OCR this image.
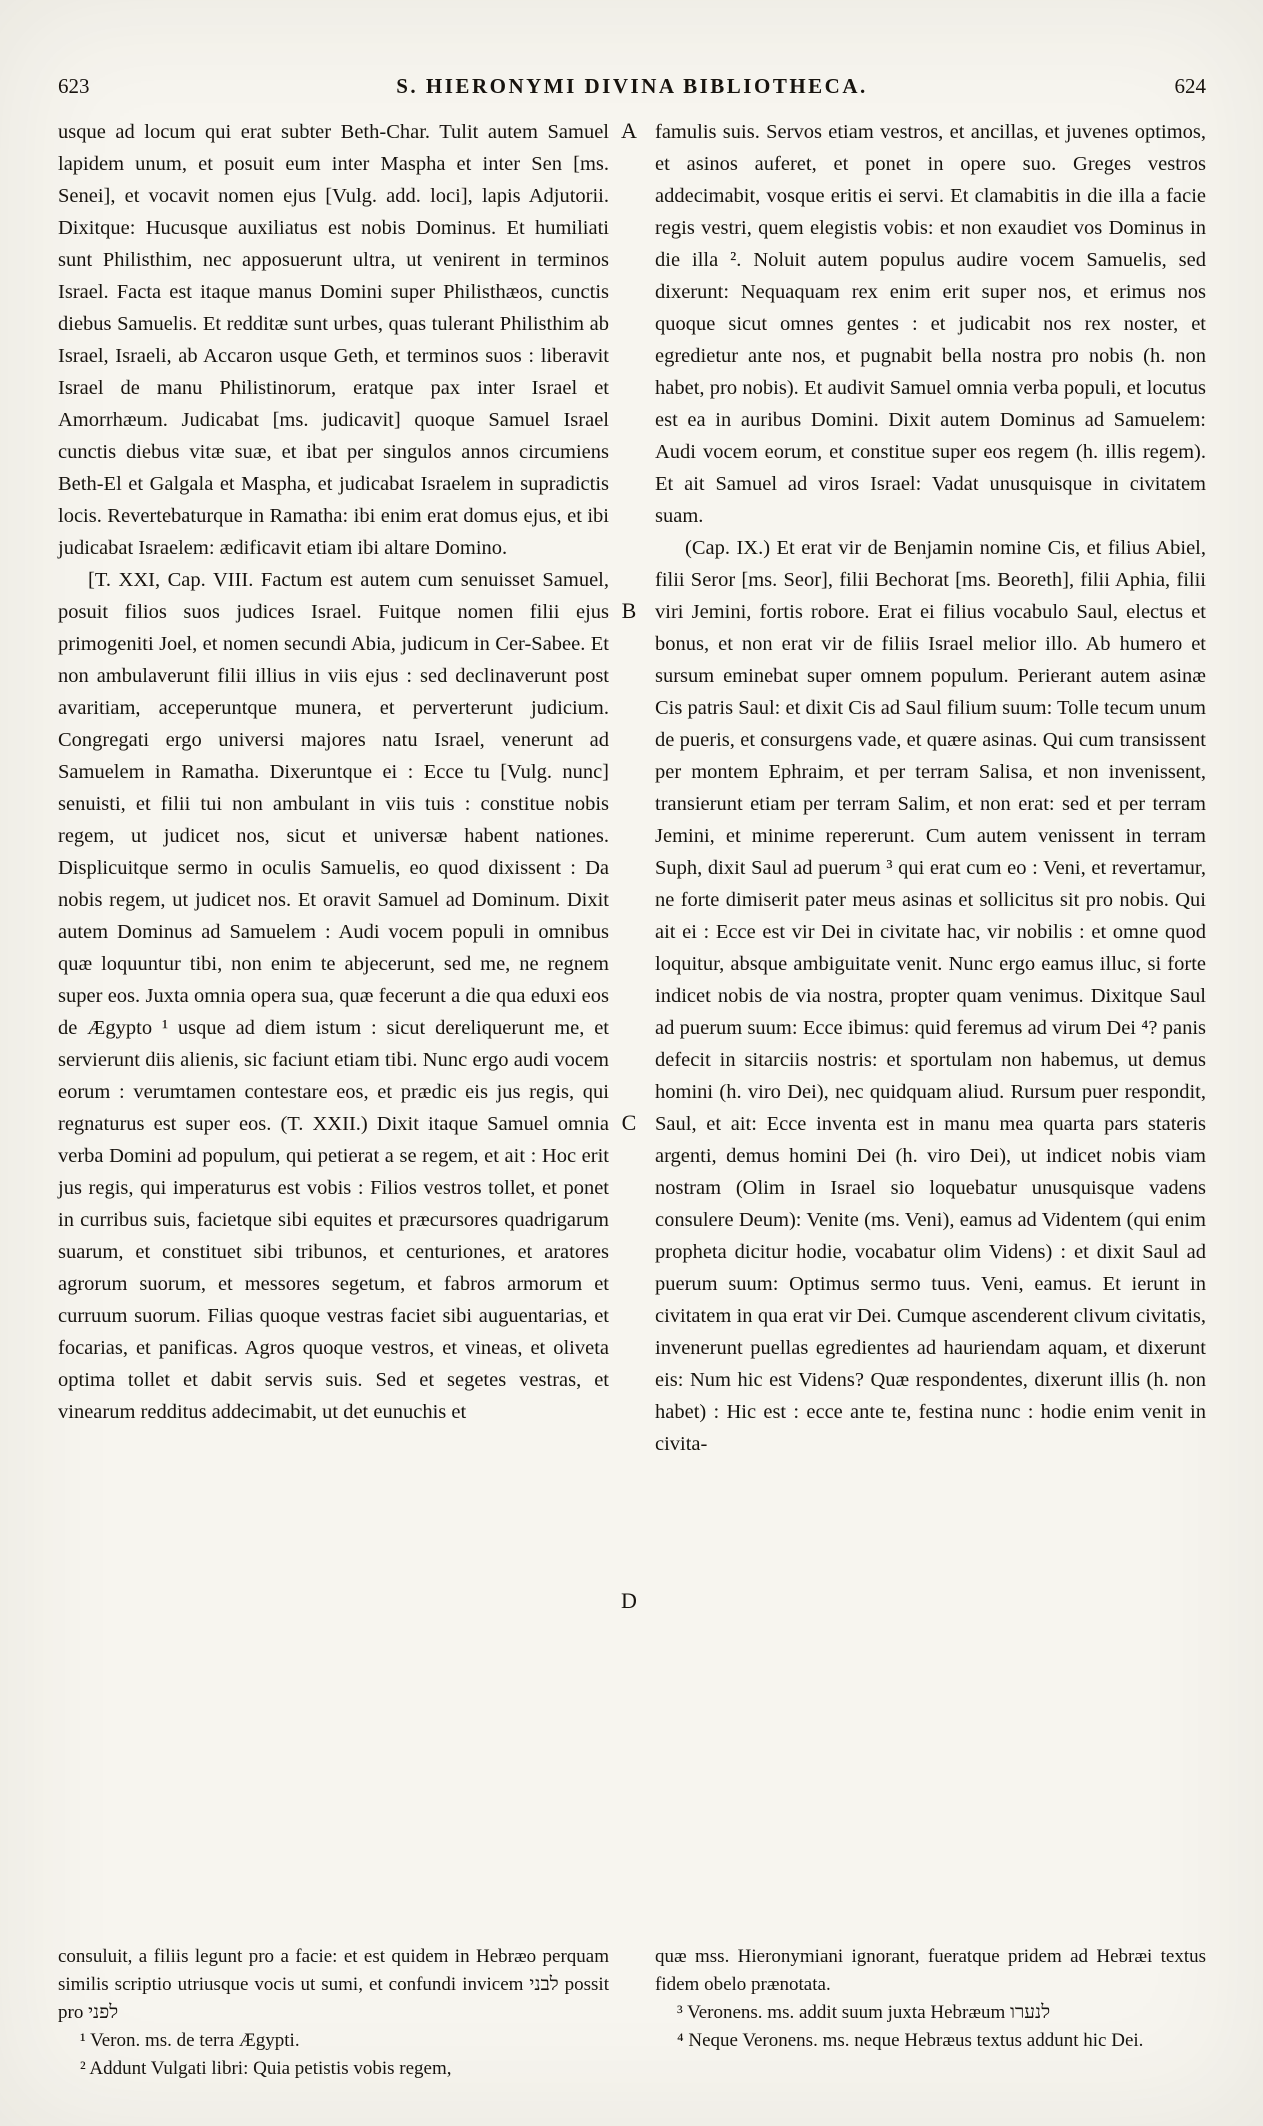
623	S. HIERONYMI DIVINA BIBLIOTHECA.	624

usque ad locum qui erat subter Beth-Char. Tulit autem Samuel lapidem unum, et posuit eum inter Maspha et inter Sen [ms. Senei], et vocavit nomen ejus [Vulg. add. loci], lapis Adjutorii. Dixitque: Hucusque auxiliatus est nobis Dominus. Et humiliati sunt Philisthim, nec apposuerunt ultra, ut venirent in terminos Israel. Facta est itaque manus Domini super Philisthæos, cunctis diebus Samuelis. Et redditæ sunt urbes, quas tulerant Philisthim ab Israel, Israeli, ab Accaron usque Geth, et terminos suos : liberavit Israel de manu Philistinorum, eratque pax inter Israel et Amorrhæum. Judicabat [ms. judicavit] quoque Samuel Israel cunctis diebus vitæ suæ, et ibat per singulos annos circumiens Beth-El et Galgala et Maspha, et judicabat Israelem in supradictis locis. Revertebaturque in Ramatha: ibi enim erat domus ejus, et ibi judicabat Israelem: ædificavit etiam ibi altare Domino.

[T. XXI, Cap. VIII. Factum est autem cum senuisset Samuel, posuit filios suos judices Israel. Fuitque nomen filii ejus primogeniti Joel, et nomen secundi Abia, judicum in Cer-Sabee. Et non ambulaverunt filii illius in viis ejus : sed declinaverunt post avaritiam, acceperuntque munera, et perverterunt judicium. Congregati ergo universi majores natu Israel, venerunt ad Samuelem in Ramatha. Dixeruntque ei : Ecce tu [Vulg. nunc] senuisti, et filii tui non ambulant in viis tuis : constitue nobis regem, ut judicet nos, sicut et universæ habent nationes. Displicuitque sermo in oculis Samuelis, eo quod dixissent : Da nobis regem, ut judicet nos. Et oravit Samuel ad Dominum. Dixit autem Dominus ad Samuelem : Audi vocem populi in omnibus quæ loquuntur tibi, non enim te abjecerunt, sed me, ne regnem super eos. Juxta omnia opera sua, quæ fecerunt a die qua eduxi eos de Ægypto ¹ usque ad diem istum : sicut dereliquerunt me, et servierunt diis alienis, sic faciunt etiam tibi. Nunc ergo audi vocem eorum : verumtamen contestare eos, et prædic eis jus regis, qui regnaturus est super eos. (T. XXII.) Dixit itaque Samuel omnia verba Domini ad populum, qui petierat a se regem, et ait : Hoc erit jus regis, qui imperaturus est vobis : Filios vestros tollet, et ponet in curribus suis, facietque sibi equites et præcursores quadrigarum suarum, et constituet sibi tribunos, et centuriones, et aratores agrorum suorum, et messores segetum, et fabros armorum et curruum suorum. Filias quoque vestras faciet sibi auguentarias, et focarias, et panificas. Agros quoque vestros, et vineas, et oliveta optima tollet et dabit servis suis. Sed et segetes vestras, et vinearum redditus addecimabit, ut det eunuchis et

famulis suis. Servos etiam vestros, et ancillas, et juvenes optimos, et asinos auferet, et ponet in opere suo. Greges vestros addecimabit, vosque eritis ei servi. Et clamabitis in die illa a facie regis vestri, quem elegistis vobis: et non exaudiet vos Dominus in die illa ². Noluit autem populus audire vocem Samuelis, sed dixerunt: Nequaquam rex enim erit super nos, et erimus nos quoque sicut omnes gentes : et judicabit nos rex noster, et egredietur ante nos, et pugnabit bella nostra pro nobis (h. non habet, pro nobis). Et audivit Samuel omnia verba populi, et locutus est ea in auribus Domini. Dixit autem Dominus ad Samuelem: Audi vocem eorum, et constitue super eos regem (h. illis regem). Et ait Samuel ad viros Israel: Vadat unusquisque in civitatem suam.

(Cap. IX.) Et erat vir de Benjamin nomine Cis, et filius Abiel, filii Seror [ms. Seor], filii Bechorat [ms. Beoreth], filii Aphia, filii viri Jemini, fortis robore. Erat ei filius vocabulo Saul, electus et bonus, et non erat vir de filiis Israel melior illo. Ab humero et sursum eminebat super omnem populum. Perierant autem asinæ Cis patris Saul: et dixit Cis ad Saul filium suum: Tolle tecum unum de pueris, et consurgens vade, et quære asinas. Qui cum transissent per montem Ephraim, et per terram Salisa, et non invenissent, transierunt etiam per terram Salim, et non erat: sed et per terram Jemini, et minime repererunt. Cum autem venissent in terram Suph, dixit Saul ad puerum ³ qui erat cum eo : Veni, et revertamur, ne forte dimiserit pater meus asinas et sollicitus sit pro nobis. Qui ait ei : Ecce est vir Dei in civitate hac, vir nobilis : et omne quod loquitur, absque ambiguitate venit. Nunc ergo eamus illuc, si forte indicet nobis de via nostra, propter quam venimus. Dixitque Saul ad puerum suum: Ecce ibimus: quid feremus ad virum Dei ⁴? panis defecit in sitarciis nostris: et sportulam non habemus, ut demus homini (h. viro Dei), nec quidquam aliud. Rursum puer respondit, Saul, et ait: Ecce inventa est in manu mea quarta pars stateris argenti, demus homini Dei (h. viro Dei), ut indicet nobis viam nostram (Olim in Israel sio loquebatur unusquisque vadens consulere Deum): Venite (ms. Veni), eamus ad Videntem (qui enim propheta dicitur hodie, vocabatur olim Videns) : et dixit Saul ad puerum suum: Optimus sermo tuus. Veni, eamus. Et ierunt in civitatem in qua erat vir Dei. Cumque ascenderent clivum civitatis, invenerunt puellas egredientes ad hauriendam aquam, et dixerunt eis: Num hic est Videns? Quæ respondentes, dixerunt illis (h. non habet) : Hic est : ecce ante te, festina nunc : hodie enim venit in civita-

A
B
C
D

consuluit, a filiis legunt pro a facie: et est quidem in Hebræo perquam similis scriptio utriusque vocis ut sumi, et confundi invicem לבני possit pro לפני

¹ Veron. ms. de terra Ægypti.

² Addunt Vulgati libri: Quia petistis vobis regem,

quæ mss. Hieronymiani ignorant, fueratque pridem ad Hebræi textus fidem obelo prænotata.

³ Veronens. ms. addit suum juxta Hebræum לנערו

⁴ Neque Veronens. ms. neque Hebræus textus addunt hic Dei.
